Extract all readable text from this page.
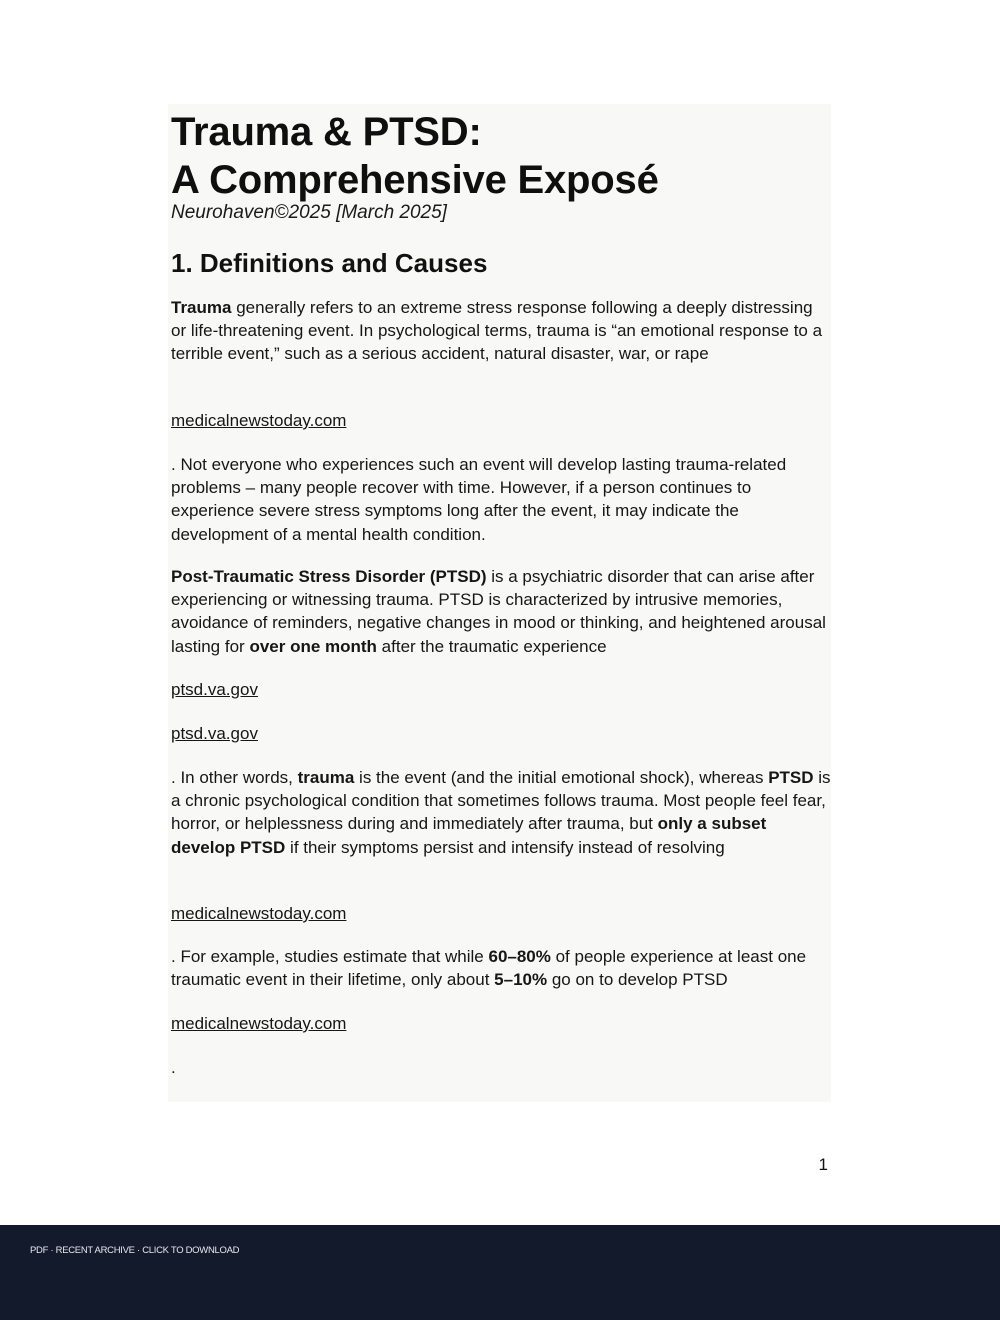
Trauma & PTSD:
A Comprehensive Exposé

Neurohaven©2025 [March 2025]

1. Definitions and Causes

Trauma generally refers to an extreme stress response following a deeply distressing or life-threatening event. In psychological terms, trauma is “an emotional response to a terrible event,” such as a serious accident, natural disaster, war, or rape

medicalnewstoday.com

. Not everyone who experiences such an event will develop lasting trauma-related problems – many people recover with time. However, if a person continues to experience severe stress symptoms long after the event, it may indicate the development of a mental health condition.

Post-Traumatic Stress Disorder (PTSD) is a psychiatric disorder that can arise after experiencing or witnessing trauma. PTSD is characterized by intrusive memories, avoidance of reminders, negative changes in mood or thinking, and heightened arousal lasting for over one month after the traumatic experience

ptsd.va.gov
ptsd.va.gov

. In other words, trauma is the event (and the initial emotional shock), whereas PTSD is a chronic psychological condition that sometimes follows trauma. Most people feel fear, horror, or helplessness during and immediately after trauma, but only a subset develop PTSD if their symptoms persist and intensify instead of resolving

medicalnewstoday.com

. For example, studies estimate that while 60–80% of people experience at least one traumatic event in their lifetime, only about 5–10% go on to develop PTSD

medicalnewstoday.com

.

1
PDF · RECENT ARCHIVE · CLICK TO DOWNLOAD
